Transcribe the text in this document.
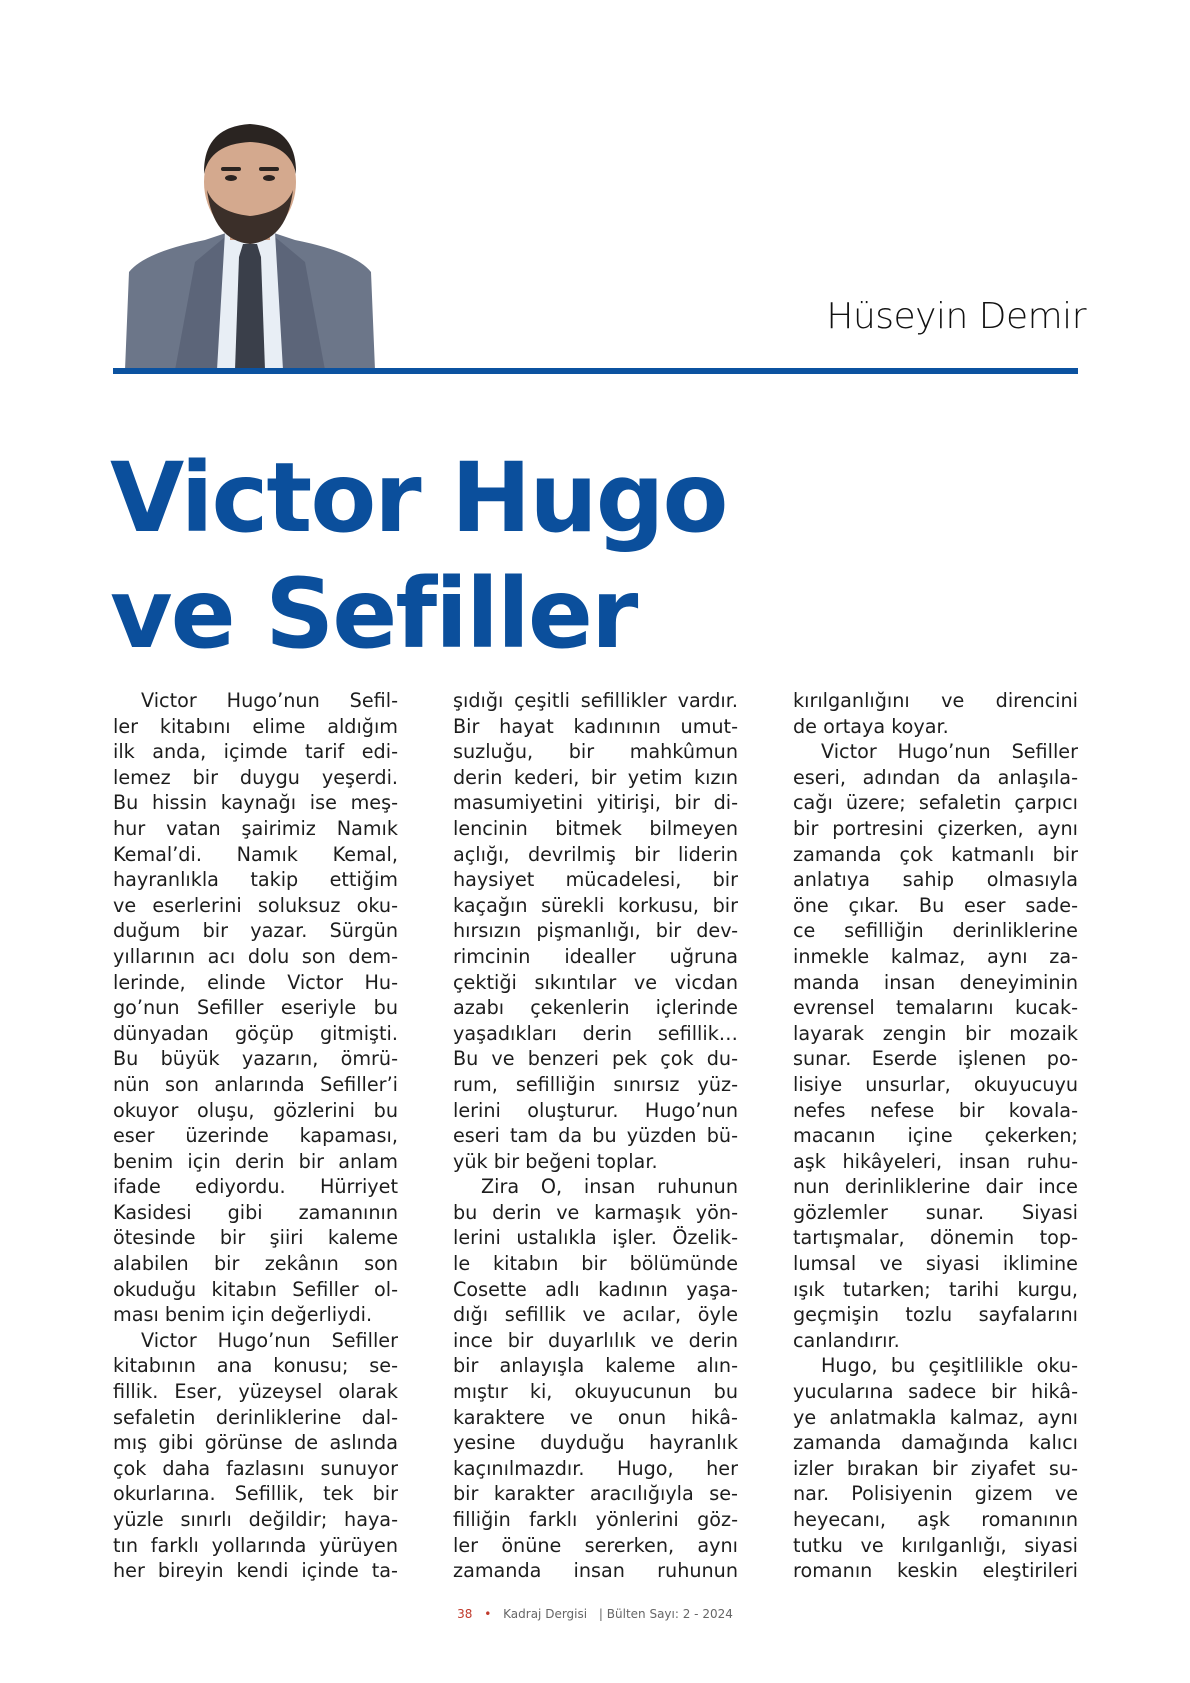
Hüseyin Demir
Victor Hugo
ve Sefiller
Victor Hugo’nun Sefil-
ler kitabını elime aldığım
ilk anda, içimde tarif edi-
lemez bir duygu yeşerdi.
Bu hissin kaynağı ise meş-
hur vatan şairimiz Namık
Kemal’di. Namık Kemal,
hayranlıkla takip ettiğim
ve eserlerini soluksuz oku-
duğum bir yazar. Sürgün
yıllarının acı dolu son dem-
lerinde, elinde Victor Hu-
go’nun Sefiller eseriyle bu
dünyadan göçüp gitmişti.
Bu büyük yazarın, ömrü-
nün son anlarında Sefiller’i
okuyor oluşu, gözlerini bu
eser üzerinde kapaması,
benim için derin bir anlam
ifade ediyordu. Hürriyet
Kasidesi gibi zamanının
ötesinde bir şiiri kaleme
alabilen bir zekânın son
okuduğu kitabın Sefiller ol-
ması benim için değerliydi.
Victor Hugo’nun Sefiller
kitabının ana konusu; se-
fillik. Eser, yüzeysel olarak
sefaletin derinliklerine dal-
mış gibi görünse de aslında
çok daha fazlasını sunuyor
okurlarına. Sefillik, tek bir
yüzle sınırlı değildir; haya-
tın farklı yollarında yürüyen
her bireyin kendi içinde ta-
şıdığı çeşitli sefillikler vardır.
Bir hayat kadınının umut-
suzluğu, bir mahkûmun
derin kederi, bir yetim kızın
masumiyetini yitirişi, bir di-
lencinin bitmek bilmeyen
açlığı, devrilmiş bir liderin
haysiyet mücadelesi, bir
kaçağın sürekli korkusu, bir
hırsızın pişmanlığı, bir dev-
rimcinin idealler uğruna
çektiği sıkıntılar ve vicdan
azabı çekenlerin içlerinde
yaşadıkları derin sefillik…
Bu ve benzeri pek çok du-
rum, sefilliğin sınırsız yüz-
lerini oluşturur. Hugo’nun
eseri tam da bu yüzden bü-
yük bir beğeni toplar.
Zira O, insan ruhunun
bu derin ve karmaşık yön-
lerini ustalıkla işler. Özelik-
le kitabın bir bölümünde
Cosette adlı kadının yaşa-
dığı sefillik ve acılar, öyle
ince bir duyarlılık ve derin
bir anlayışla kaleme alın-
mıştır ki, okuyucunun bu
karaktere ve onun hikâ-
yesine duyduğu hayranlık
kaçınılmazdır. Hugo, her
bir karakter aracılığıyla se-
filliğin farklı yönlerini göz-
ler önüne sererken, aynı
zamanda insan ruhunun
kırılganlığını ve direncini
de ortaya koyar.
Victor Hugo’nun Sefiller
eseri, adından da anlaşıla-
cağı üzere; sefaletin çarpıcı
bir portresini çizerken, aynı
zamanda çok katmanlı bir
anlatıya sahip olmasıyla
öne çıkar. Bu eser sade-
ce sefilliğin derinliklerine
inmekle kalmaz, aynı za-
manda insan deneyiminin
evrensel temalarını kucak-
layarak zengin bir mozaik
sunar. Eserde işlenen po-
lisiye unsurlar, okuyucuyu
nefes nefese bir kovala-
macanın içine çekerken;
aşk hikâyeleri, insan ruhu-
nun derinliklerine dair ince
gözlemler sunar. Siyasi
tartışmalar, dönemin top-
lumsal ve siyasi iklimine
ışık tutarken; tarihi kurgu,
geçmişin tozlu sayfalarını
canlandırır.
Hugo, bu çeşitlilikle oku-
yucularına sadece bir hikâ-
ye anlatmakla kalmaz, aynı
zamanda damağında kalıcı
izler bırakan bir ziyafet su-
nar. Polisiyenin gizem ve
heyecanı, aşk romanının
tutku ve kırılganlığı, siyasi
romanın keskin eleştirileri
38 • Kadraj Dergisi | Bülten Sayı: 2 - 2024
